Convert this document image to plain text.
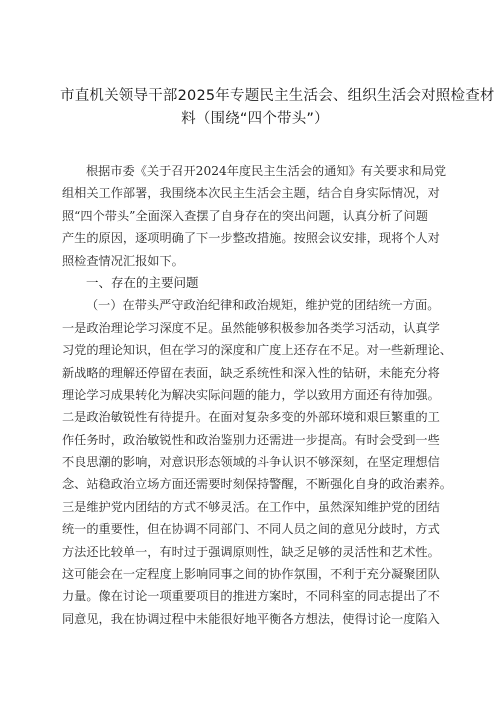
市直机关领导干部2025年专题民主生活会、组织生活会对照检查材
料（围绕“四个带头”）
根据市委《关于召开2024年度民主生活会的通知》有关要求和局党
组相关工作部署，我围绕本次民主生活会主题，结合自身实际情况，对
照“四个带头”全面深入查摆了自身存在的突出问题，认真分析了问题
产生的原因，逐项明确了下一步整改措施。按照会议安排，现将个人对
照检查情况汇报如下。
一、存在的主要问题
（一）在带头严守政治纪律和政治规矩，维护党的团结统一方面。
一是政治理论学习深度不足。虽然能够积极参加各类学习活动，认真学
习党的理论知识，但在学习的深度和广度上还存在不足。对一些新理论、
新战略的理解还停留在表面，缺乏系统性和深入性的钻研，未能充分将
理论学习成果转化为解决实际问题的能力，学以致用方面还有待加强。
二是政治敏锐性有待提升。在面对复杂多变的外部环境和艰巨繁重的工
作任务时，政治敏锐性和政治鉴别力还需进一步提高。有时会受到一些
不良思潮的影响，对意识形态领域的斗争认识不够深刻，在坚定理想信
念、站稳政治立场方面还需要时刻保持警醒，不断强化自身的政治素养。
三是维护党内团结的方式不够灵活。在工作中，虽然深知维护党的团结
统一的重要性，但在协调不同部门、不同人员之间的意见分歧时，方式
方法还比较单一，有时过于强调原则性，缺乏足够的灵活性和艺术性。
这可能会在一定程度上影响同事之间的协作氛围，不利于充分凝聚团队
力量。像在讨论一项重要项目的推进方案时，不同科室的同志提出了不
同意见，我在协调过程中未能很好地平衡各方想法，使得讨论一度陷入
